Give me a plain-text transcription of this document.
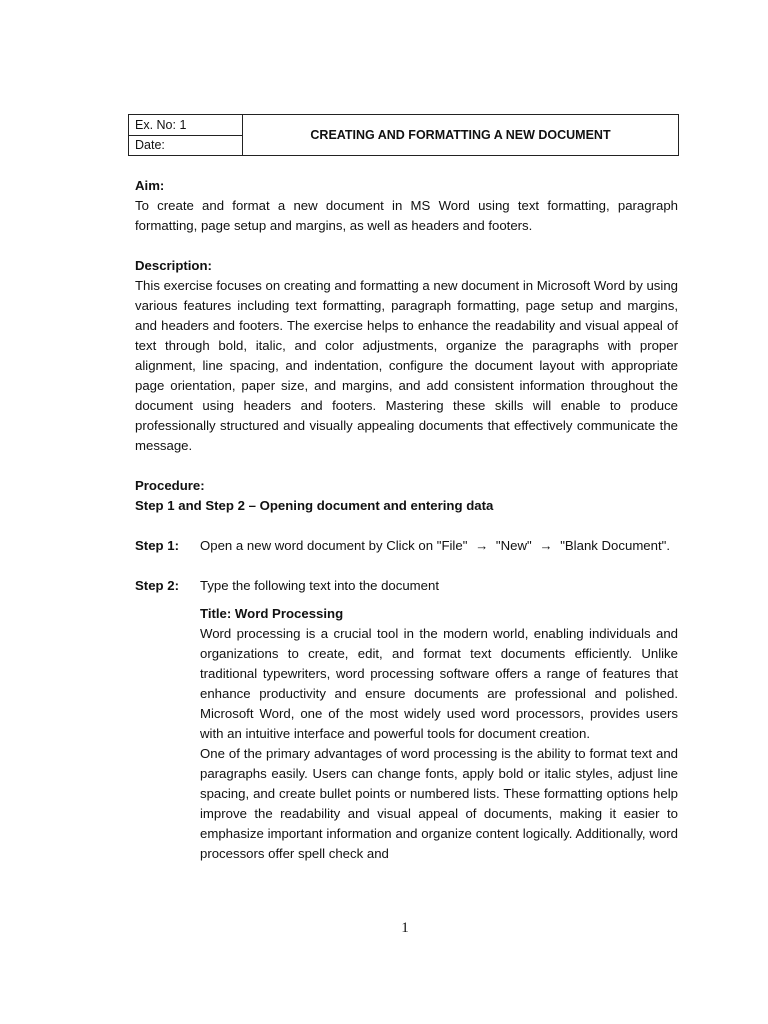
Ex. No: 1
Date:
CREATING AND FORMATTING A NEW DOCUMENT

Aim:

To create and format a new document in MS Word using text formatting, paragraph formatting, page setup and margins, as well as headers and footers.

Description:

This exercise focuses on creating and formatting a new document in Microsoft Word by using various features including text formatting, paragraph formatting, page setup and margins, and headers and footers. The exercise helps to enhance the readability and visual appeal of text through bold, italic, and color adjustments, organize the paragraphs with proper alignment, line spacing, and indentation, configure the document layout with appropriate page orientation, paper size, and margins, and add consistent information throughout the document using headers and footers. Mastering these skills will enable to produce professionally structured and visually appealing documents that effectively communicate the message.

Procedure:

Step 1 and Step 2 – Opening document and entering data

Step 1:	Open a new word document by Click on "File" → "New" → "Blank Document".
Step 2:	Type the following text into the document

Title: Word Processing

Word processing is a crucial tool in the modern world, enabling individuals and organizations to create, edit, and format text documents efficiently. Unlike traditional typewriters, word processing software offers a range of features that enhance productivity and ensure documents are professional and polished. Microsoft Word, one of the most widely used word processors, provides users with an intuitive interface and powerful tools for document creation.

One of the primary advantages of word processing is the ability to format text and paragraphs easily. Users can change fonts, apply bold or italic styles, adjust line spacing, and create bullet points or numbered lists. These formatting options help improve the readability and visual appeal of documents, making it easier to emphasize important information and organize content logically. Additionally, word processors offer spell check and

1
